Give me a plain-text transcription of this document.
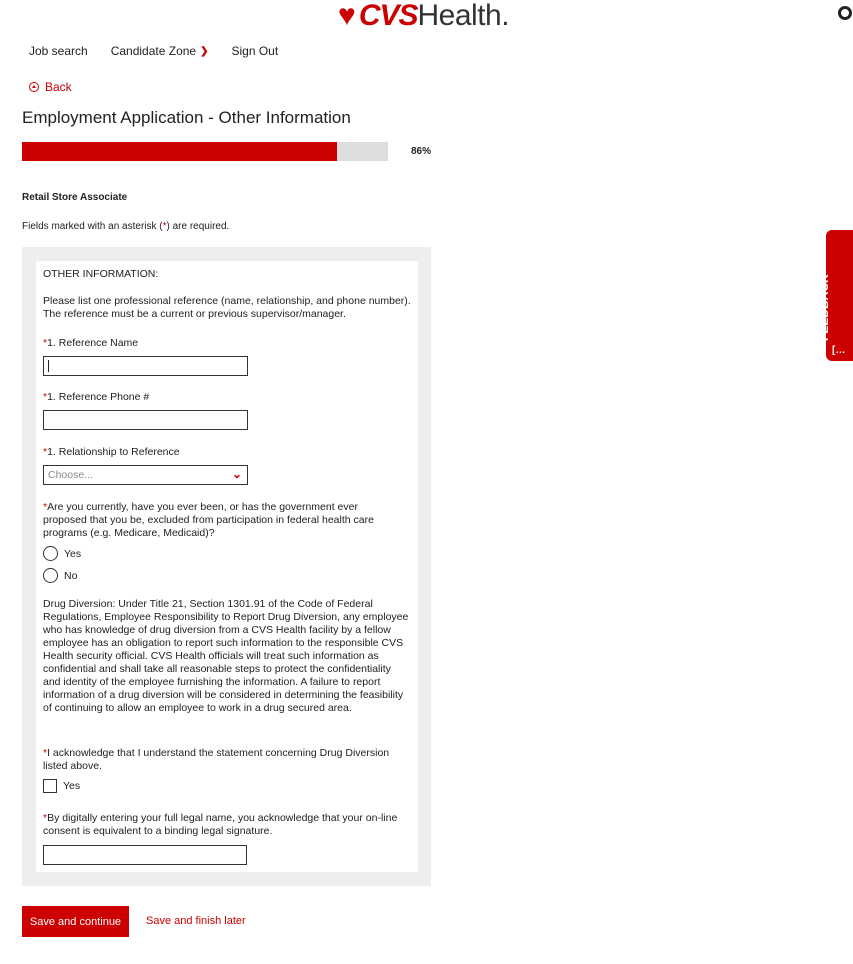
♥ CVS Health .
Job search Candidate Zone ❯ Sign Out
Back
Employment Application - Other Information
86%
Retail Store Associate
Fields marked with an asterisk (*) are required.
OTHER INFORMATION:
Please list one professional reference (name, relationship, and phone number). The reference must be a current or previous supervisor/manager.
*1. Reference Name
*1. Reference Phone #
*1. Relationship to Reference
Choose...	⌄
*Are you currently, have you ever been, or has the government ever proposed that you be, excluded from participation in federal health care programs (e.g. Medicare, Medicaid)?
Yes
No
Drug Diversion: Under Title 21, Section 1301.91 of the Code of Federal Regulations, Employee Responsibility to Report Drug Diversion, any employee who has knowledge of drug diversion from a CVS Health facility by a fellow employee has an obligation to report such information to the responsible CVS Health security official. CVS Health officials will treat such information as confidential and shall take all reasonable steps to protect the confidentiality and identity of the employee furnishing the information. A failure to report information of a drug diversion will be considered in determining the feasibility of continuing to allow an employee to work in a drug secured area.
*I acknowledge that I understand the statement concerning Drug Diversion listed above.
Yes
*By digitally entering your full legal name, you acknowledge that your on-line consent is equivalent to a binding legal signature.
Save and continue	Save and finish later
Candidate
FEEDBACK
[…
